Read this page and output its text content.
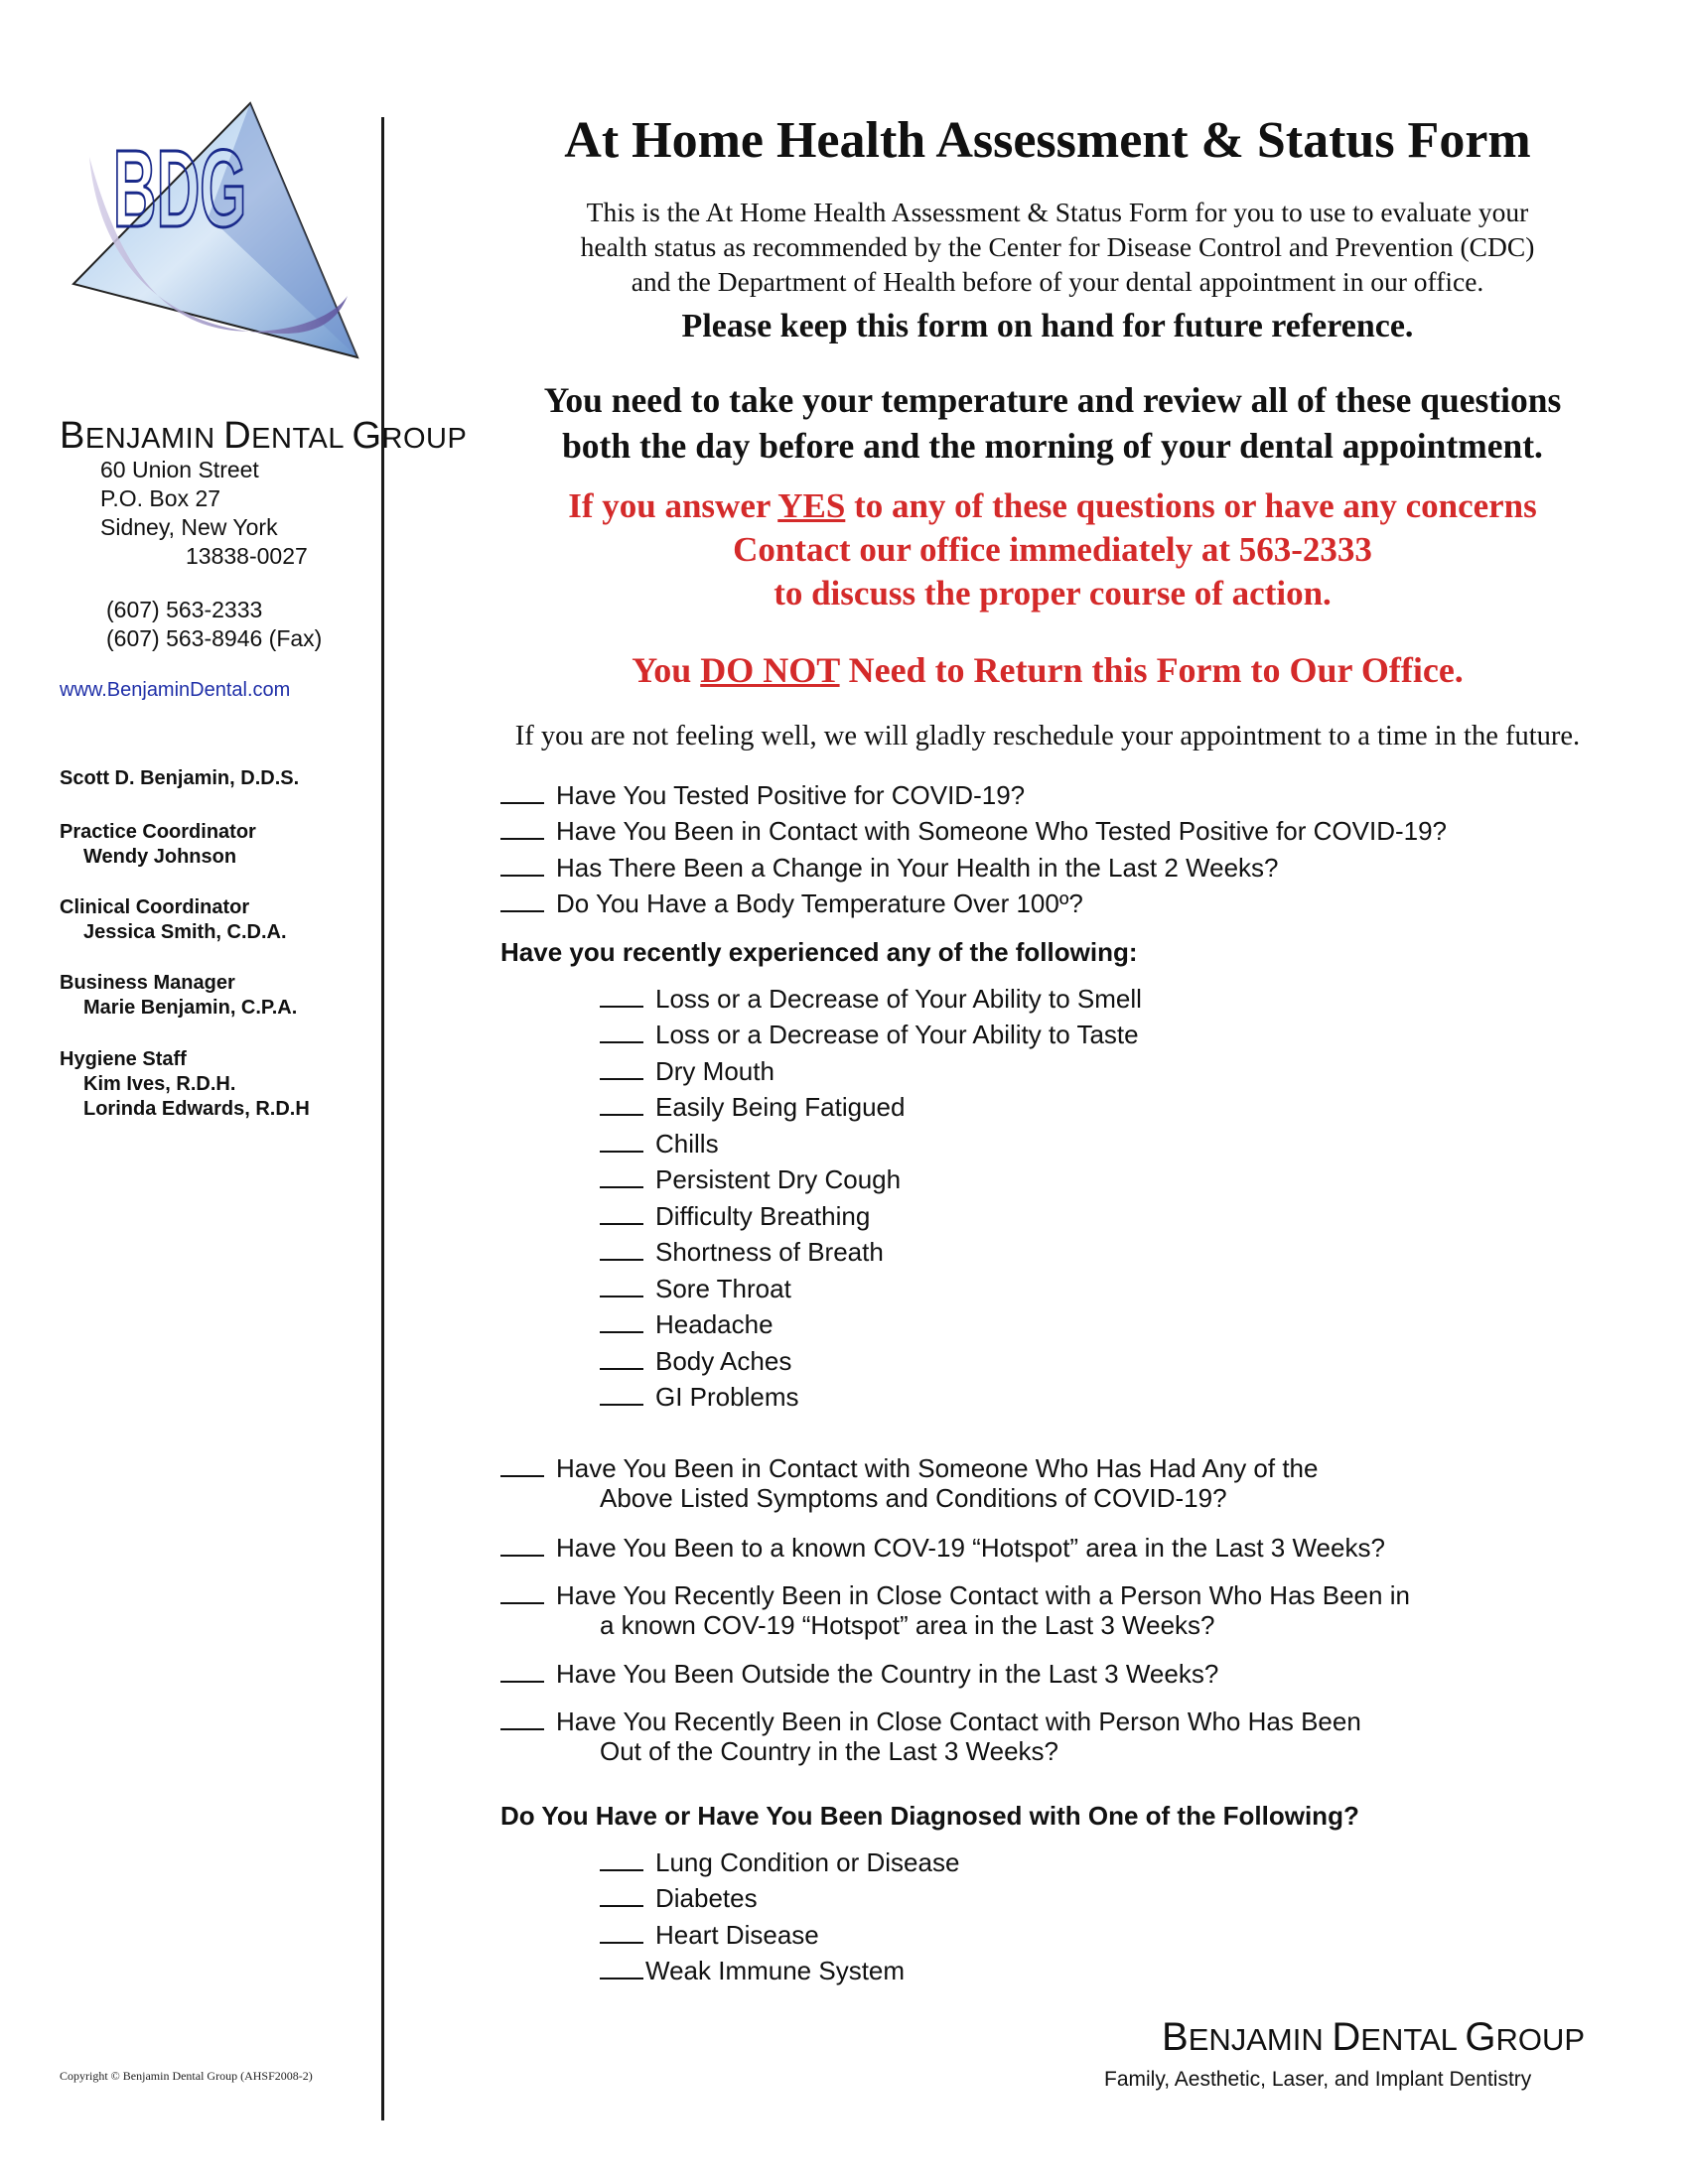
BDG
BENJAMIN DENTAL GROUP
60 Union Street
P.O. Box 27
Sidney, New York
13838-0027
(607) 563-2333
(607) 563-8946 (Fax)
www.BenjaminDental.com
Scott D. Benjamin, D.D.S.
Practice Coordinator
Wendy Johnson
Clinical Coordinator
Jessica Smith, C.D.A.
Business Manager
Marie Benjamin, C.P.A.
Hygiene Staff
Kim Ives, R.D.H.
Lorinda Edwards, R.D.H
Copyright © Benjamin Dental Group (AHSF2008-2)
At Home Health Assessment & Status Form
This is the At Home Health Assessment & Status Form for you to use to evaluate your
health status as recommended by the Center for Disease Control and Prevention (CDC)
and the Department of Health before of your dental appointment in our office.
Please keep this form on hand for future reference.
You need to take your temperature and review all of these questions
both the day before and the morning of your dental appointment.
If you answer YES to any of these questions or have any concerns
Contact our office immediately at 563-2333
to discuss the proper course of action.
You DO NOT Need to Return this Form to Our Office.
If you are not feeling well, we will gladly reschedule your appointment to a time in the future.
Have You Tested Positive for COVID-19?
Have You Been in Contact with Someone Who Tested Positive for COVID-19?
Has There Been a Change in Your Health in the Last 2 Weeks?
Do You Have a Body Temperature Over 100º?
Have you recently experienced any of the following:
Loss or a Decrease of Your Ability to Smell
Loss or a Decrease of Your Ability to Taste
Dry Mouth
Easily Being Fatigued
Chills
Persistent Dry Cough
Difficulty Breathing
Shortness of Breath
Sore Throat
Headache
Body Aches
GI Problems
Have You Been in Contact with Someone Who Has Had Any of the
Above Listed Symptoms and Conditions of COVID-19?
Have You Been to a known COV-19 “Hotspot” area in the Last 3 Weeks?
Have You Recently Been in Close Contact with a Person Who Has Been in
a known COV-19 “Hotspot” area in the Last 3 Weeks?
Have You Been Outside the Country in the Last 3 Weeks?
Have You Recently Been in Close Contact with Person Who Has Been
Out of the Country in the Last 3 Weeks?
Do You Have or Have You Been Diagnosed with One of the Following?
Lung Condition or Disease
Diabetes
Heart Disease
Weak Immune System
BENJAMIN DENTAL GROUP
Family, Aesthetic, Laser, and Implant Dentistry
